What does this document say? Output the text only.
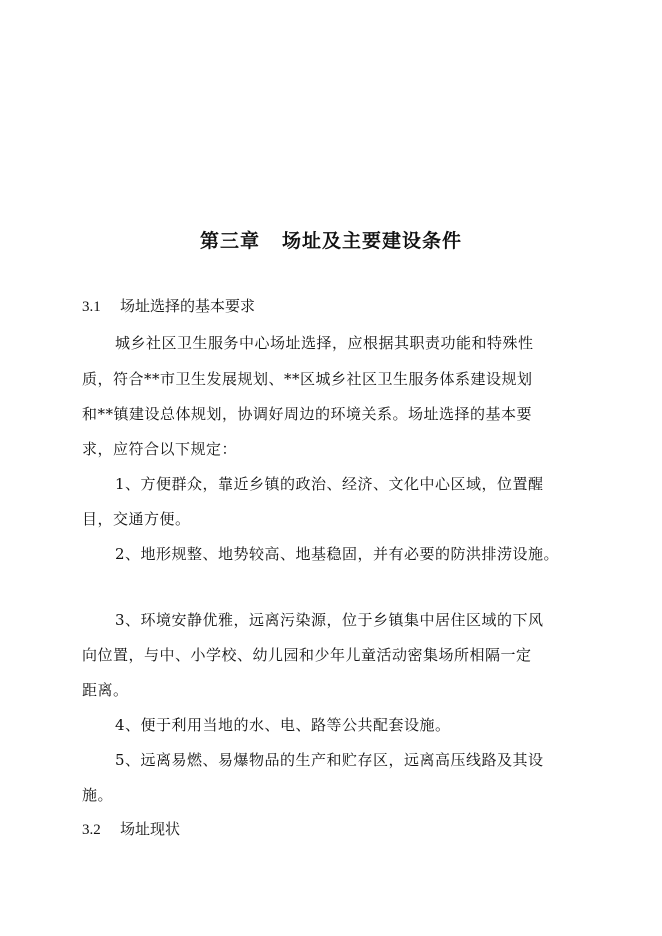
第三章 场址及主要建设条件
3.1 场址选择的基本要求
城乡社区卫生服务中心场址选择，应根据其职责功能和特殊性
质，符合**市卫生发展规划、**区城乡社区卫生服务体系建设规划
和**镇建设总体规划，协调好周边的环境关系。场址选择的基本要
求，应符合以下规定：
1、方便群众，靠近乡镇的政治、经济、文化中心区域，位置醒
目，交通方便。
2、地形规整、地势较高、地基稳固，并有必要的防洪排涝设施。
3、环境安静优雅，远离污染源，位于乡镇集中居住区域的下风
向位置，与中、小学校、幼儿园和少年儿童活动密集场所相隔一定
距离。
4、便于利用当地的水、电、路等公共配套设施。
5、远离易燃、易爆物品的生产和贮存区，远离高压线路及其设
施。
3.2 场址现状
